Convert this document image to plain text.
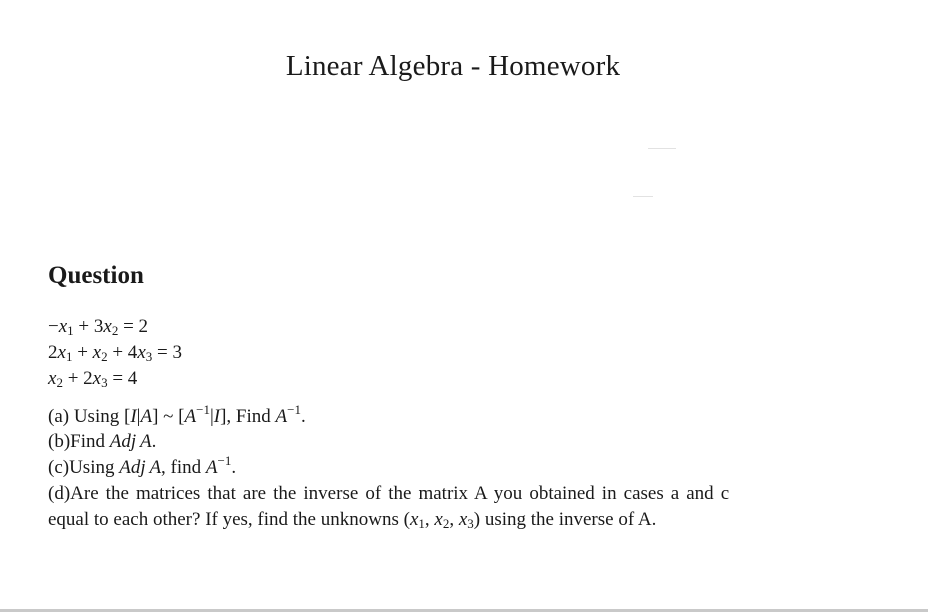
Linear Algebra - Homework
Question
$-x_1 + 3x_2 = 2$
$2x_1 + x_2 + 4x_3 = 3$
$x_2 + 2x_3 = 4$
(a) Using [I|A] ~ $[A^{-1}|I]$, Find $A^{-1}$.
(b)Find Adj  A.
(c)Using Adj  A, find $A^{-1}$.
(d)Are the matrices that are the inverse of the matrix A you obtained in cases a and c
equal to each other? If yes, find the unknowns ($x_1$, $x_2$, $x_3$) using the inverse of A.
